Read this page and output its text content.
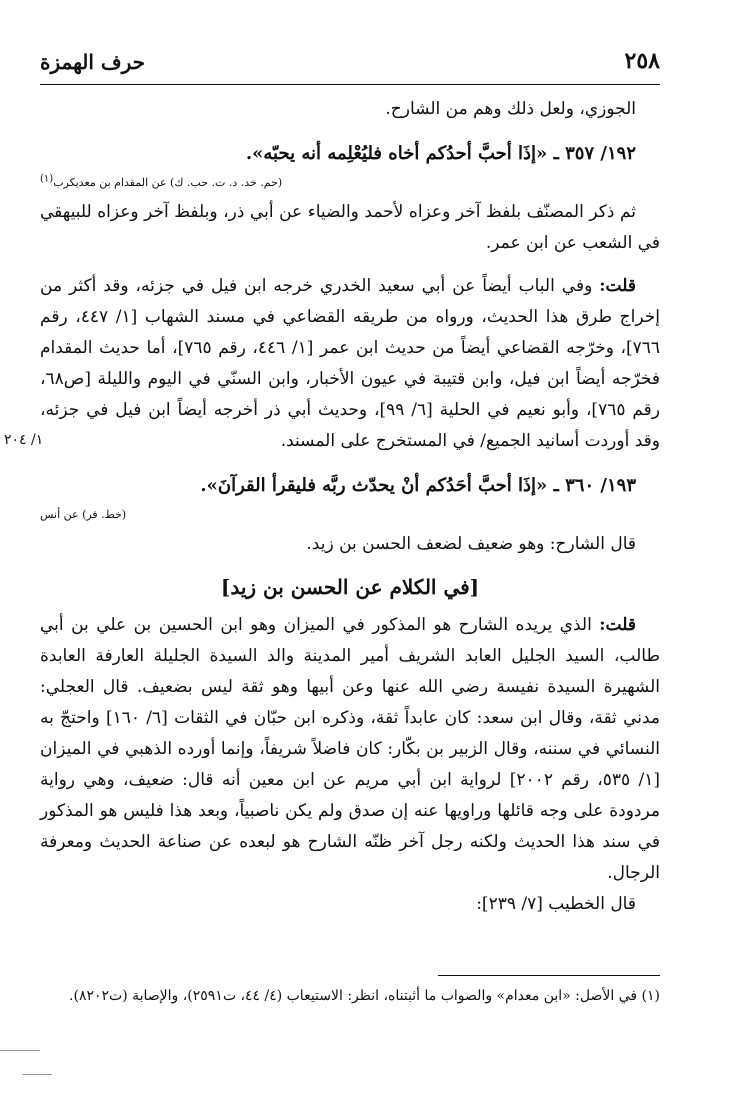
٢٥٨
حرف الهمزة

الجوزي، ولعل ذلك وهم من الشارح.

١٩٢/ ٣٥٧ ـ «إذَا أحبَّ أحدُكم أخاه فليُعْلِمه أنه يحبّه».

(حم. خد. د. ت. حب. ك) عن المقدام بن معديكرب(١)

ثم ذكر المصنّف بلفظ آخر وعزاه لأحمد والضياء عن أبي ذر، وبلفظ آخر وعزاه للبيهقي في الشعب عن ابن عمر.

قلت: وفي الباب أيضاً عن أبي سعيد الخدري خرجه ابن فيل في جزئه، وقد أكثر من إخراج طرق هذا الحديث، ورواه من طريقه القضاعي في مسند الشهاب [١/ ٤٤٧، رقم ٧٦٦]، وخرّجه القضاعي أيضاً من حديث ابن عمر [١/ ٤٤٦، رقم ٧٦٥]، أما حديث المقدام فخرّجه أيضاً ابن فيل، وابن قتيبة في عيون الأخبار، وابن السنّي في اليوم والليلة [ص٦٨، رقم ٧٦٥]، وأبو نعيم في الحلية [٦/ ٩٩]، وحديث أبي ذر أخرجه أيضاً ابن فيل في جزئه، وقد أوردت أسانيد الجميع/ في المستخرج على المسند.

١٩٣/ ٣٦٠ ـ «إذَا أحبَّ أحَدُكم أنْ يحدّث ربَّه فليقرأ القرآنَ».

(خط. فر) عن أنس

قال الشارح: وهو ضعيف لضعف الحسن بن زيد.

[في الكلام عن الحسن بن زيد]

قلت: الذي يريده الشارح هو المذكور في الميزان وهو ابن الحسين بن علي بن أبي طالب، السيد الجليل العابد الشريف أمير المدينة والد السيدة الجليلة العارفة العابدة الشهيرة السيدة نفيسة رضي الله عنها وعن أبيها وهو ثقة ليس بضعيف. قال العجلي: مدني ثقة، وقال ابن سعد: كان عابداً ثقة، وذكره ابن حبّان في الثقات [٦/ ١٦٠] واحتجّ به النسائي في سننه، وقال الزبير بن بكّار: كان فاضلاً شريفاً، وإنما أورده الذهبي في الميزان [١/ ٥٣٥، رقم ٢٠٠٢] لرواية ابن أبي مريم عن ابن معين أنه قال: ضعيف، وهي رواية مردودة على وجه قائلها وراويها عنه إن صدق ولم يكن ناصبياً، وبعد هذا فليس هو المذكور في سند هذا الحديث ولكنه رجل آخر ظنّه الشارح هو لبعده عن صناعة الحديث ومعرفة الرجال.

قال الخطيب [٧/ ٢٣٩]:

١/ ٢٠٤
(١) في الأصل: «ابن معدام» والصواب ما أثبتناه، انظر: الاستيعاب (٤/ ٤٤، ت٢٥٩١)، والإصابة (ت٨٢٠٢).
